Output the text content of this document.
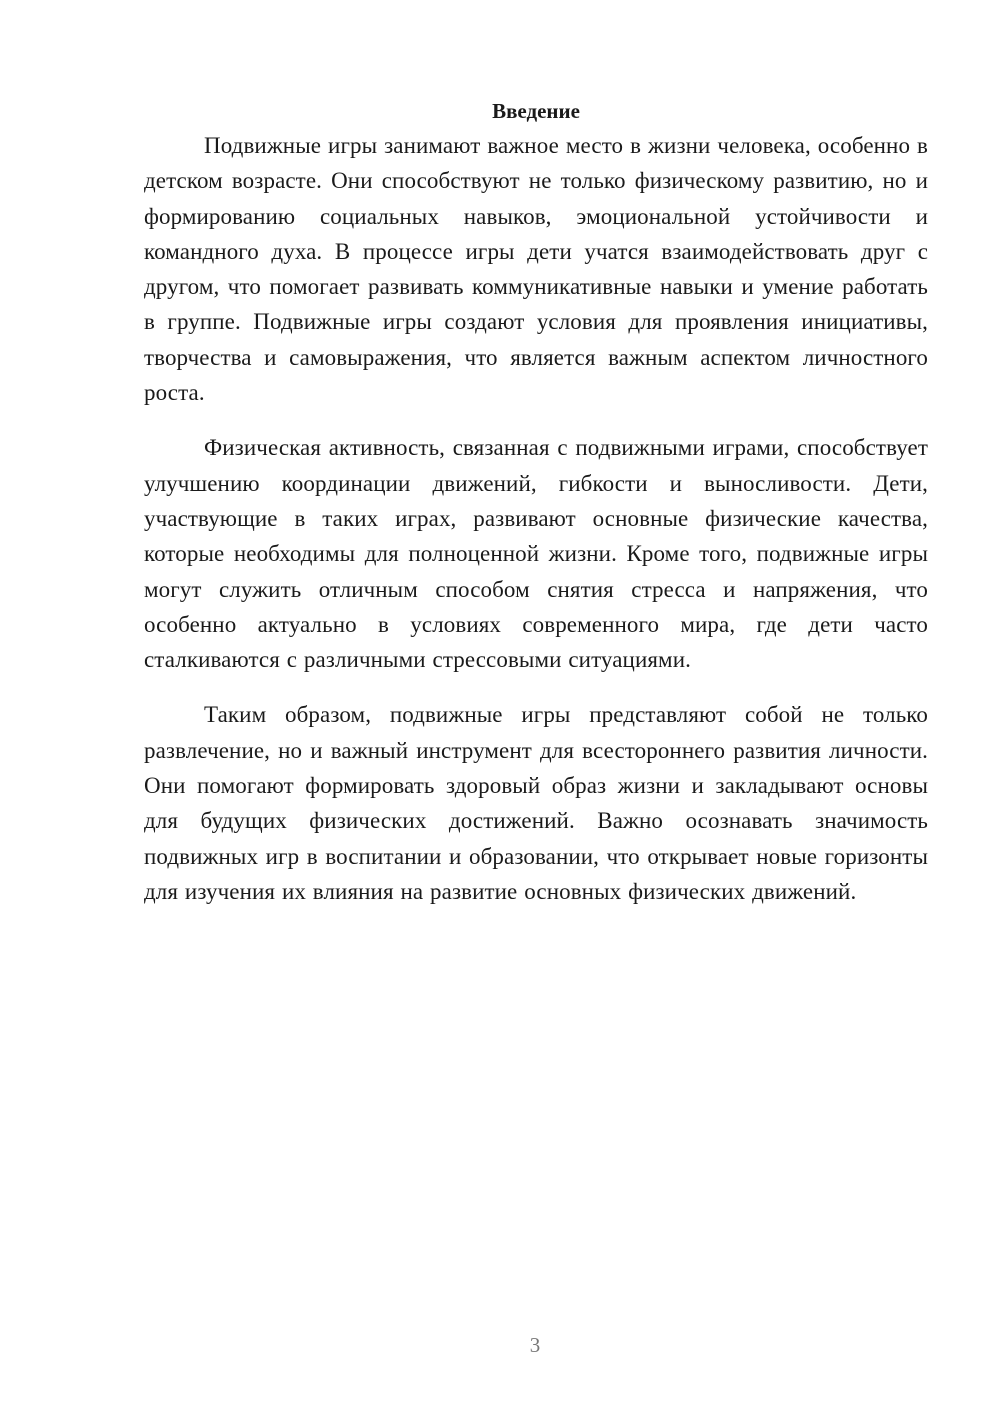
Введение

Подвижные игры занимают важное место в жизни человека, особенно в детском возрасте. Они способствуют не только физическому развитию, но и формированию социальных навыков, эмоциональной устойчивости и командного духа. В процессе игры дети учатся взаимодействовать друг с другом, что помогает развивать коммуникативные навыки и умение работать в группе. Подвижные игры создают условия для проявления инициативы, творчества и самовыражения, что является важным аспектом личностного роста.

Физическая активность, связанная с подвижными играми, способствует улучшению координации движений, гибкости и выносливости. Дети, участвующие в таких играх, развивают основные физические качества, которые необходимы для полноценной жизни. Кроме того, подвижные игры могут служить отличным способом снятия стресса и напряжения, что особенно актуально в условиях современного мира, где дети часто сталкиваются с различными стрессовыми ситуациями.

Таким образом, подвижные игры представляют собой не только развлечение, но и важный инструмент для всестороннего развития личности. Они помогают формировать здоровый образ жизни и закладывают основы для будущих физических достижений. Важно осознавать значимость подвижных игр в воспитании и образовании, что открывает новые горизонты для изучения их влияния на развитие основных физических движений.

3
